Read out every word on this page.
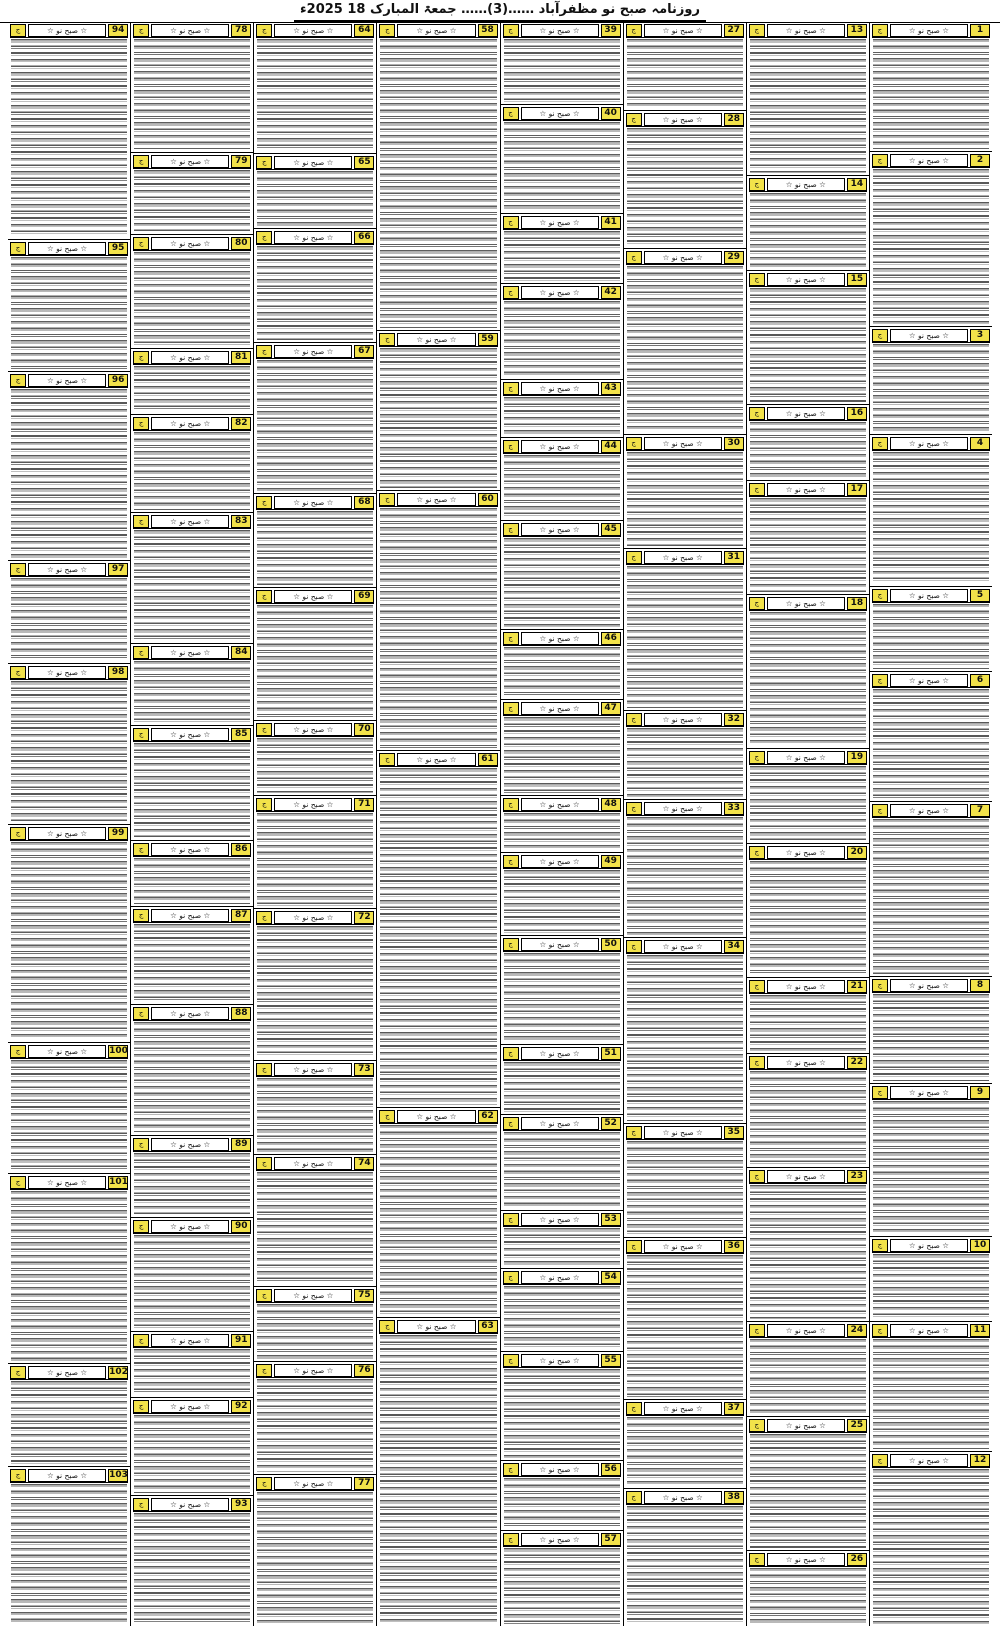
روزنامہ صبح نو مظفرآباد ……(3)…… جمعۃ المبارک 18 2025ء
1
☆ صبح نو ☆
ج
2
☆ صبح نو ☆
ج
3
☆ صبح نو ☆
ج
4
☆ صبح نو ☆
ج
5
☆ صبح نو ☆
ج
6
☆ صبح نو ☆
ج
7
☆ صبح نو ☆
ج
8
☆ صبح نو ☆
ج
9
☆ صبح نو ☆
ج
10
☆ صبح نو ☆
ج
11
☆ صبح نو ☆
ج
12
☆ صبح نو ☆
ج
13
☆ صبح نو ☆
ج
14
☆ صبح نو ☆
ج
15
☆ صبح نو ☆
ج
16
☆ صبح نو ☆
ج
17
☆ صبح نو ☆
ج
18
☆ صبح نو ☆
ج
19
☆ صبح نو ☆
ج
20
☆ صبح نو ☆
ج
21
☆ صبح نو ☆
ج
22
☆ صبح نو ☆
ج
23
☆ صبح نو ☆
ج
24
☆ صبح نو ☆
ج
25
☆ صبح نو ☆
ج
26
☆ صبح نو ☆
ج
27
☆ صبح نو ☆
ج
28
☆ صبح نو ☆
ج
29
☆ صبح نو ☆
ج
30
☆ صبح نو ☆
ج
31
☆ صبح نو ☆
ج
32
☆ صبح نو ☆
ج
33
☆ صبح نو ☆
ج
34
☆ صبح نو ☆
ج
35
☆ صبح نو ☆
ج
36
☆ صبح نو ☆
ج
37
☆ صبح نو ☆
ج
38
☆ صبح نو ☆
ج
39
☆ صبح نو ☆
ج
40
☆ صبح نو ☆
ج
41
☆ صبح نو ☆
ج
42
☆ صبح نو ☆
ج
43
☆ صبح نو ☆
ج
44
☆ صبح نو ☆
ج
45
☆ صبح نو ☆
ج
46
☆ صبح نو ☆
ج
47
☆ صبح نو ☆
ج
48
☆ صبح نو ☆
ج
49
☆ صبح نو ☆
ج
50
☆ صبح نو ☆
ج
51
☆ صبح نو ☆
ج
52
☆ صبح نو ☆
ج
53
☆ صبح نو ☆
ج
54
☆ صبح نو ☆
ج
55
☆ صبح نو ☆
ج
56
☆ صبح نو ☆
ج
57
☆ صبح نو ☆
ج
58
☆ صبح نو ☆
ج
59
☆ صبح نو ☆
ج
60
☆ صبح نو ☆
ج
61
☆ صبح نو ☆
ج
62
☆ صبح نو ☆
ج
63
☆ صبح نو ☆
ج
64
☆ صبح نو ☆
ج
65
☆ صبح نو ☆
ج
66
☆ صبح نو ☆
ج
67
☆ صبح نو ☆
ج
68
☆ صبح نو ☆
ج
69
☆ صبح نو ☆
ج
70
☆ صبح نو ☆
ج
71
☆ صبح نو ☆
ج
72
☆ صبح نو ☆
ج
73
☆ صبح نو ☆
ج
74
☆ صبح نو ☆
ج
75
☆ صبح نو ☆
ج
76
☆ صبح نو ☆
ج
77
☆ صبح نو ☆
ج
78
☆ صبح نو ☆
ج
79
☆ صبح نو ☆
ج
80
☆ صبح نو ☆
ج
81
☆ صبح نو ☆
ج
82
☆ صبح نو ☆
ج
83
☆ صبح نو ☆
ج
84
☆ صبح نو ☆
ج
85
☆ صبح نو ☆
ج
86
☆ صبح نو ☆
ج
87
☆ صبح نو ☆
ج
88
☆ صبح نو ☆
ج
89
☆ صبح نو ☆
ج
90
☆ صبح نو ☆
ج
91
☆ صبح نو ☆
ج
92
☆ صبح نو ☆
ج
93
☆ صبح نو ☆
ج
94
☆ صبح نو ☆
ج
95
☆ صبح نو ☆
ج
96
☆ صبح نو ☆
ج
97
☆ صبح نو ☆
ج
98
☆ صبح نو ☆
ج
99
☆ صبح نو ☆
ج
100
☆ صبح نو ☆
ج
101
☆ صبح نو ☆
ج
102
☆ صبح نو ☆
ج
103
☆ صبح نو ☆
ج
